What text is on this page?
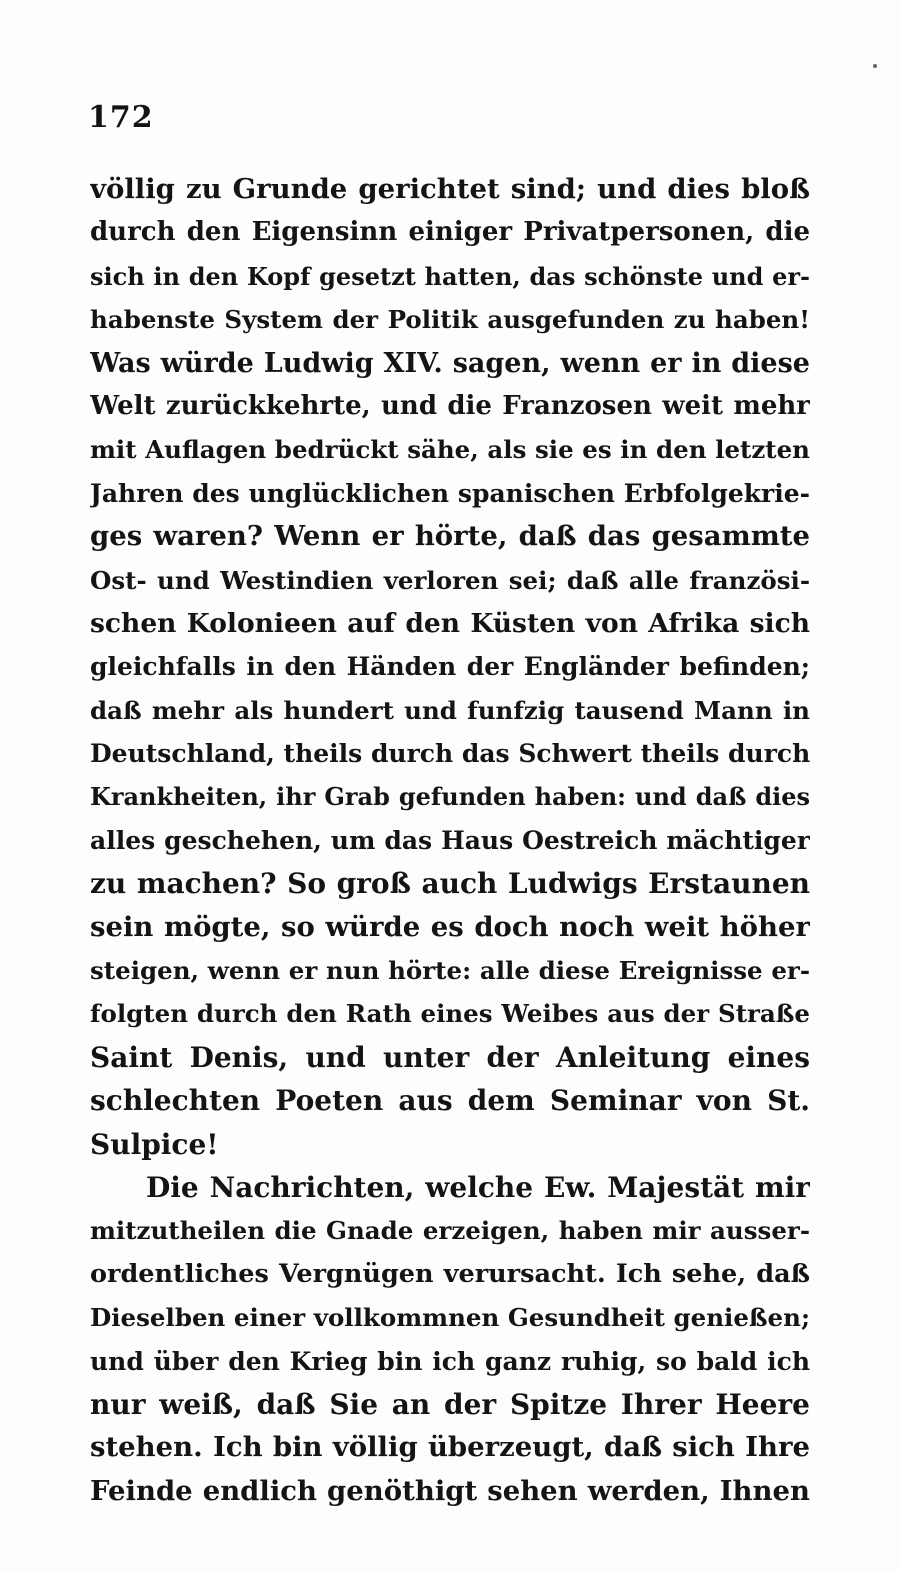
172
völlig zu Grunde gerichtet sind; und dies bloß
durch den Eigensinn einiger Privatpersonen, die
sich in den Kopf gesetzt hatten, das schönste und er-
habenste System der Politik ausgefunden zu haben!
Was würde Ludwig XIV. sagen, wenn er in diese
Welt zurückkehrte, und die Franzosen weit mehr
mit Auflagen bedrückt sähe, als sie es in den letzten
Jahren des unglücklichen spanischen Erbfolgekrie-
ges waren? Wenn er hörte, daß das gesammte
Ost- und Westindien verloren sei; daß alle französi-
schen Kolonieen auf den Küsten von Afrika sich
gleichfalls in den Händen der Engländer befinden;
daß mehr als hundert und funfzig tausend Mann in
Deutschland, theils durch das Schwert theils durch
Krankheiten, ihr Grab gefunden haben: und daß dies
alles geschehen, um das Haus Oestreich mächtiger
zu machen? So groß auch Ludwigs Erstaunen
sein mögte, so würde es doch noch weit höher
steigen, wenn er nun hörte: alle diese Ereignisse er-
folgten durch den Rath eines Weibes aus der Straße
Saint Denis, und unter der Anleitung eines
schlechten Poeten aus dem Seminar von St.
Sulpice!
Die Nachrichten, welche Ew. Majestät mir
mitzutheilen die Gnade erzeigen, haben mir ausser-
ordentliches Vergnügen verursacht. Ich sehe, daß
Dieselben einer vollkommnen Gesundheit genießen;
und über den Krieg bin ich ganz ruhig, so bald ich
nur weiß, daß Sie an der Spitze Ihrer Heere
stehen. Ich bin völlig überzeugt, daß sich Ihre
Feinde endlich genöthigt sehen werden, Ihnen
